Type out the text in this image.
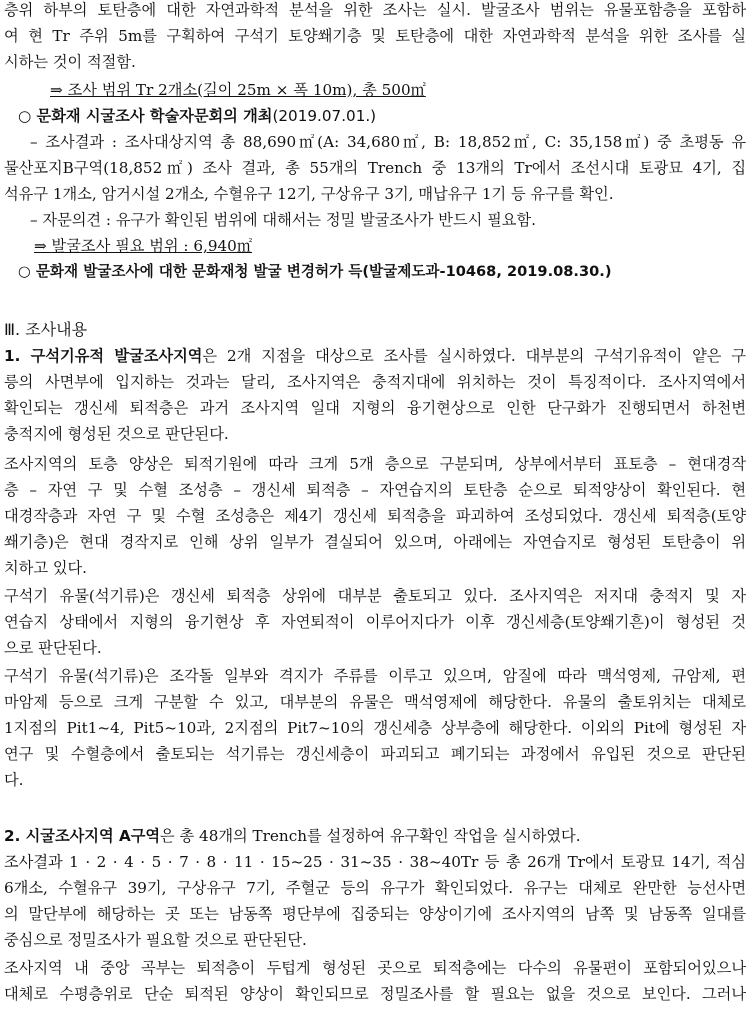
층위 하부의 토탄층에 대한 자연과학적 분석을 위한 조사는 실시. 발굴조사 범위는 유물포함층을 포함하
여 현 Tr 주위 5m를 구획하여 구석기 토양쐐기층 및 토탄층에 대한 자연과학적 분석을 위한 조사를 실
시하는 것이 적절함.
⇒ 조사 범위 Tr 2개소(길이 25m × 폭 10m), 총 500㎡
○ 문화재 시굴조사 학술자문회의 개최(2019.07.01.)
– 조사결과 : 조사대상지역 총 88,690㎡(A: 34,680㎡, B: 18,852㎡, C: 35,158㎡) 중 초평동 유
물산포지B구역(18,852㎡) 조사 결과, 총 55개의 Trench 중 13개의 Tr에서 조선시대 토광묘 4기, 집
석유구 1개소, 암거시설 2개소, 수혈유구 12기, 구상유구 3기, 매납유구 1기 등 유구를 확인.
– 자문의견 : 유구가 확인된 범위에 대해서는 정밀 발굴조사가 반드시 필요함.
⇒ 발굴조사 필요 범위 : 6,940㎡
○ 문화재 발굴조사에 대한 문화재청 발굴 변경허가 득(발굴제도과-10468, 2019.08.30.)
Ⅲ. 조사내용
1. 구석기유적 발굴조사지역은 2개 지점을 대상으로 조사를 실시하였다. 대부분의 구석기유적이 얕은 구
릉의 사면부에 입지하는 것과는 달리, 조사지역은 충적지대에 위치하는 것이 특징적이다. 조사지역에서
확인되는 갱신세 퇴적층은 과거 조사지역 일대 지형의 융기현상으로 인한 단구화가 진행되면서 하천변
충적지에 형성된 것으로 판단된다.
조사지역의 토층 양상은 퇴적기원에 따라 크게 5개 층으로 구분되며, 상부에서부터 표토층 – 현대경작
층 – 자연 구 및 수혈 조성층 – 갱신세 퇴적층 – 자연습지의 토탄층 순으로 퇴적양상이 확인된다. 현
대경작층과 자연 구 및 수혈 조성층은 제4기 갱신세 퇴적층을 파괴하여 조성되었다. 갱신세 퇴적층(토양
쐐기층)은 현대 경작지로 인해 상위 일부가 결실되어 있으며, 아래에는 자연습지로 형성된 토탄층이 위
치하고 있다.
구석기 유물(석기류)은 갱신세 퇴적층 상위에 대부분 출토되고 있다. 조사지역은 저지대 충적지 및 자
연습지 상태에서 지형의 융기현상 후 자연퇴적이 이루어지다가 이후 갱신세층(토양쐐기흔)이 형성된 것
으로 판단된다.
구석기 유물(석기류)은 조각돌 일부와 격지가 주류를 이루고 있으며, 암질에 따라 맥석영제, 규암제, 편
마암제 등으로 크게 구분할 수 있고, 대부분의 유물은 맥석영제에 해당한다. 유물의 출토위치는 대체로
1지점의 Pit1~4, Pit5~10과, 2지점의 Pit7~10의 갱신세층 상부층에 해당한다. 이외의 Pit에 형성된 자
연구 및 수혈층에서 출토되는 석기류는 갱신세층이 파괴되고 폐기되는 과정에서 유입된 것으로 판단된
다.
2. 시굴조사지역 A구역은 총 48개의 Trench를 설정하여 유구확인 작업을 실시하였다.
조사결과 1 · 2 · 4 · 5 · 7 · 8 · 11 · 15~25 · 31~35 · 38~40Tr 등 총 26개 Tr에서 토광묘 14기, 적심
6개소, 수혈유구 39기, 구상유구 7기, 주혈군 등의 유구가 확인되었다. 유구는 대체로 완만한 능선사면
의 말단부에 해당하는 곳 또는 남동쪽 평단부에 집중되는 양상이기에 조사지역의 남쪽 및 남동쪽 일대를
중심으로 정밀조사가 필요할 것으로 판단된단.
조사지역 내 중앙 곡부는 퇴적층이 두텁게 형성된 곳으로 퇴적층에는 다수의 유물편이 포함되어있으나
대체로 수평층위로 단순 퇴적된 양상이 확인되므로 정밀조사를 할 필요는 없을 것으로 보인다. 그러나
